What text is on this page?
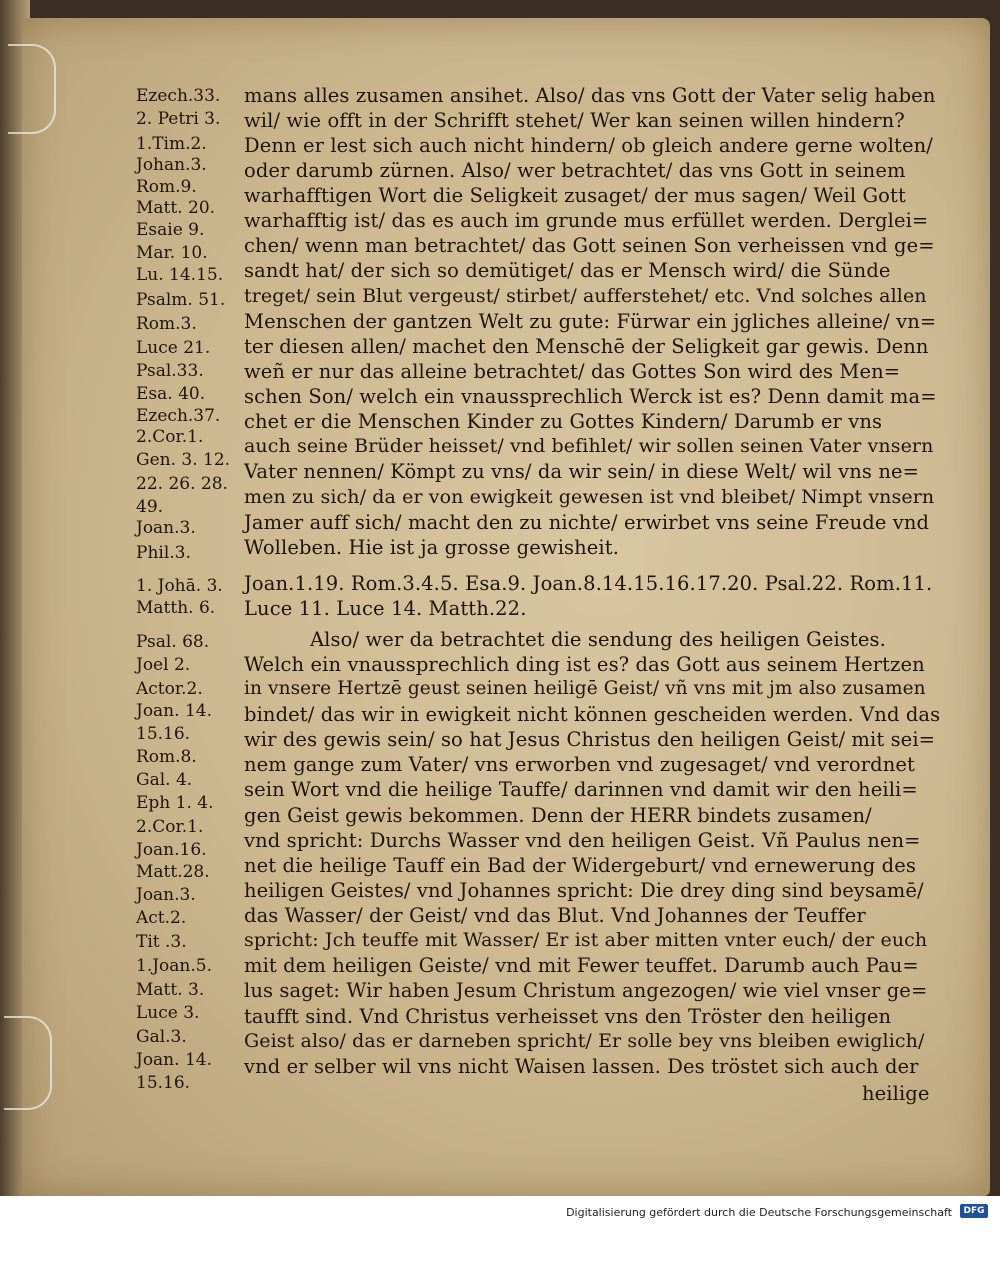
Ezech.33.
2. Petri 3.
1.Tim.2.
Johan.3.
Rom.9.
Matt. 20.
Esaie 9.
Mar. 10.
Lu. 14.15.
Psalm. 51.
Rom.3.
Luce 21.
Psal.33.
Esa. 40.
Ezech.37.
2.Cor.1.
Gen. 3. 12.
22. 26. 28.
49.
Joan.3.
Phil.3.
1. Johā. 3.
Matth. 6.
Psal. 68.
Joel 2.
Actor.2.
Joan. 14.
15.16.
Rom.8.
Gal. 4.
Eph 1. 4.
2.Cor.1.
Joan.16.
Matt.28.
Joan.3.
Act.2.
Tit .3.
1.Joan.5.
Matt. 3.
Luce 3.
Gal.3.
Joan. 14.
15.16.
mans alles zusamen ansihet. Also/ das vns Gott der Vater selig haben
wil/ wie offt in der Schrifft stehet/ Wer kan seinen willen hindern?
Denn er lest sich auch nicht hindern/ ob gleich andere gerne wolten/
oder darumb zürnen. Also/ wer betrachtet/ das vns Gott in seinem
warhafftigen Wort die Seligkeit zusaget/ der mus sagen/ Weil Gott
warhafftig ist/ das es auch im grunde mus erfüllet werden. Derglei=
chen/ wenn man betrachtet/ das Gott seinen Son verheissen vnd ge=
sandt hat/ der sich so demütiget/ das er Mensch wird/ die Sünde
treget/ sein Blut vergeust/ stirbet/ aufferstehet/ etc. Vnd solches allen
Menschen der gantzen Welt zu gute: Fürwar ein jgliches alleine/ vn=
ter diesen allen/ machet den Menschē der Seligkeit gar gewis. Denn
weñ er nur das alleine betrachtet/ das Gottes Son wird des Men=
schen Son/ welch ein vnaussprechlich Werck ist es? Denn damit ma=
chet er die Menschen Kinder zu Gottes Kindern/ Darumb er vns
auch seine Brüder heisset/ vnd befihlet/ wir sollen seinen Vater vnsern
Vater nennen/ Kömpt zu vns/ da wir sein/ in diese Welt/ wil vns ne=
men zu sich/ da er von ewigkeit gewesen ist vnd bleibet/ Nimpt vnsern
Jamer auff sich/ macht den zu nichte/ erwirbet vns seine Freude vnd
Wolleben. Hie ist ja grosse gewisheit.
Joan.1.19. Rom.3.4.5. Esa.9. Joan.8.14.15.16.17.20. Psal.22. Rom.11.
Luce 11. Luce 14. Matth.22.
Also/ wer da betrachtet die sendung des heiligen Geistes.
Welch ein vnaussprechlich ding ist es? das Gott aus seinem Hertzen
in vnsere Hertzē geust seinen heiligē Geist/ vñ vns mit jm also zusamen
bindet/ das wir in ewigkeit nicht können gescheiden werden. Vnd das
wir des gewis sein/ so hat Jesus Christus den heiligen Geist/ mit sei=
nem gange zum Vater/ vns erworben vnd zugesaget/ vnd verordnet
sein Wort vnd die heilige Tauffe/ darinnen vnd damit wir den heili=
gen Geist gewis bekommen. Denn der HERR bindets zusamen/
vnd spricht: Durchs Wasser vnd den heiligen Geist. Vñ Paulus nen=
net die heilige Tauff ein Bad der Widergeburt/ vnd ernewerung des
heiligen Geistes/ vnd Johannes spricht: Die drey ding sind beysamē/
das Wasser/ der Geist/ vnd das Blut. Vnd Johannes der Teuffer
spricht: Jch teuffe mit Wasser/ Er ist aber mitten vnter euch/ der euch
mit dem heiligen Geiste/ vnd mit Fewer teuffet. Darumb auch Pau=
lus saget: Wir haben Jesum Christum angezogen/ wie viel vnser ge=
taufft sind. Vnd Christus verheisset vns den Tröster den heiligen
Geist also/ das er darneben spricht/ Er solle bey vns bleiben ewiglich/
vnd er selber wil vns nicht Waisen lassen. Des tröstet sich auch der
heilige
Digitalisierung gefördert durch die Deutsche Forschungsgemeinschaft	DFG
